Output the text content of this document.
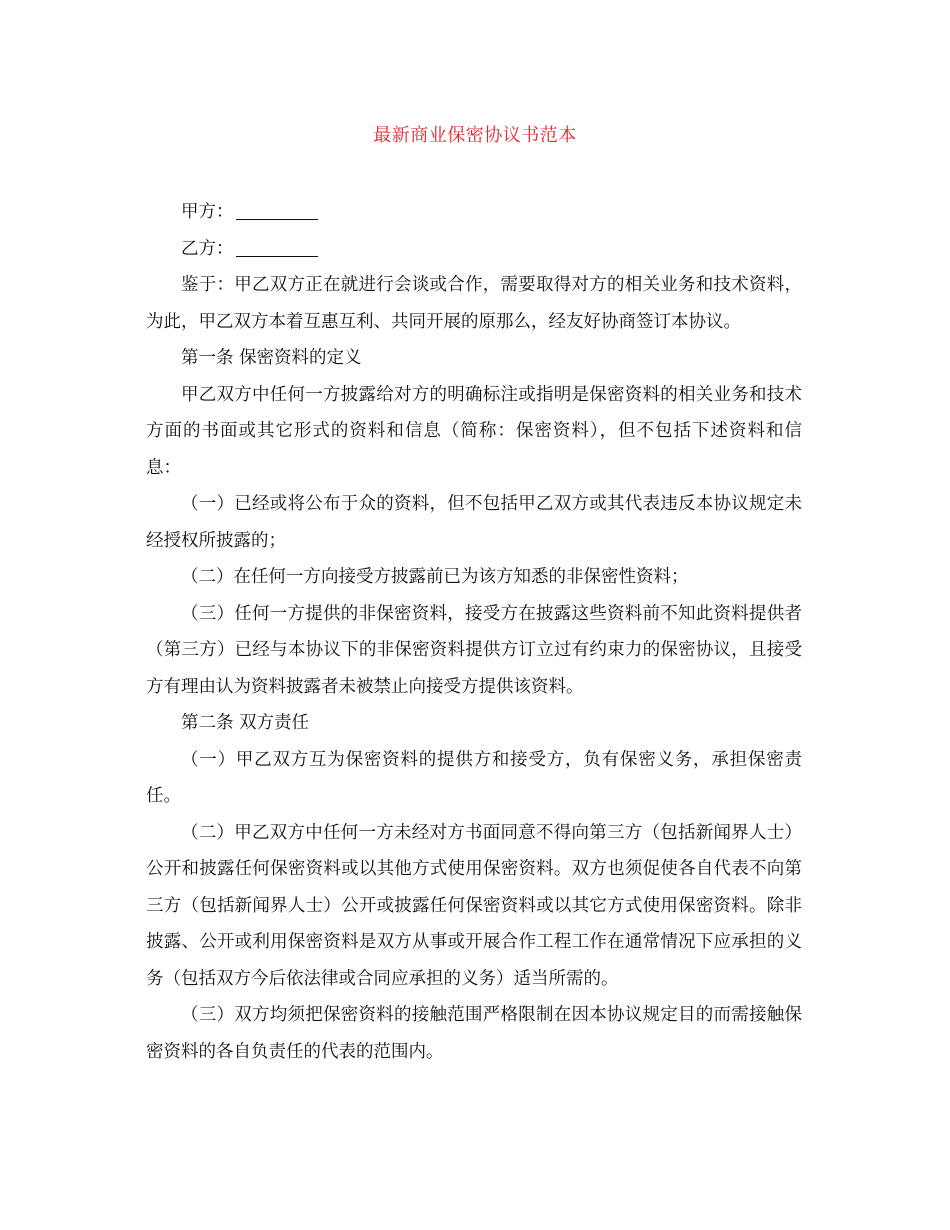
最新商业保密协议书范本

甲方：

乙方：

鉴于：甲乙双方正在就进行会谈或合作，需要取得对方的相关业务和技术资料，为此，甲乙双方本着互惠互利、共同开展的原那么，经友好协商签订本协议。

第一条 保密资料的定义

甲乙双方中任何一方披露给对方的明确标注或指明是保密资料的相关业务和技术方面的书面或其它形式的资料和信息（简称：保密资料），但不包括下述资料和信息：

（一）已经或将公布于众的资料，但不包括甲乙双方或其代表违反本协议规定未经授权所披露的；

（二）在任何一方向接受方披露前已为该方知悉的非保密性资料；

（三）任何一方提供的非保密资料，接受方在披露这些资料前不知此资料提供者（第三方）已经与本协议下的非保密资料提供方订立过有约束力的保密协议，且接受方有理由认为资料披露者未被禁止向接受方提供该资料。

第二条 双方责任

（一）甲乙双方互为保密资料的提供方和接受方，负有保密义务，承担保密责任。

（二）甲乙双方中任何一方未经对方书面同意不得向第三方（包括新闻界人士）公开和披露任何保密资料或以其他方式使用保密资料。双方也须促使各自代表不向第三方（包括新闻界人士）公开或披露任何保密资料或以其它方式使用保密资料。除非披露、公开或利用保密资料是双方从事或开展合作工程工作在通常情况下应承担的义务（包括双方今后依法律或合同应承担的义务）适当所需的。

（三）双方均须把保密资料的接触范围严格限制在因本协议规定目的而需接触保密资料的各自负责任的代表的范围内。
